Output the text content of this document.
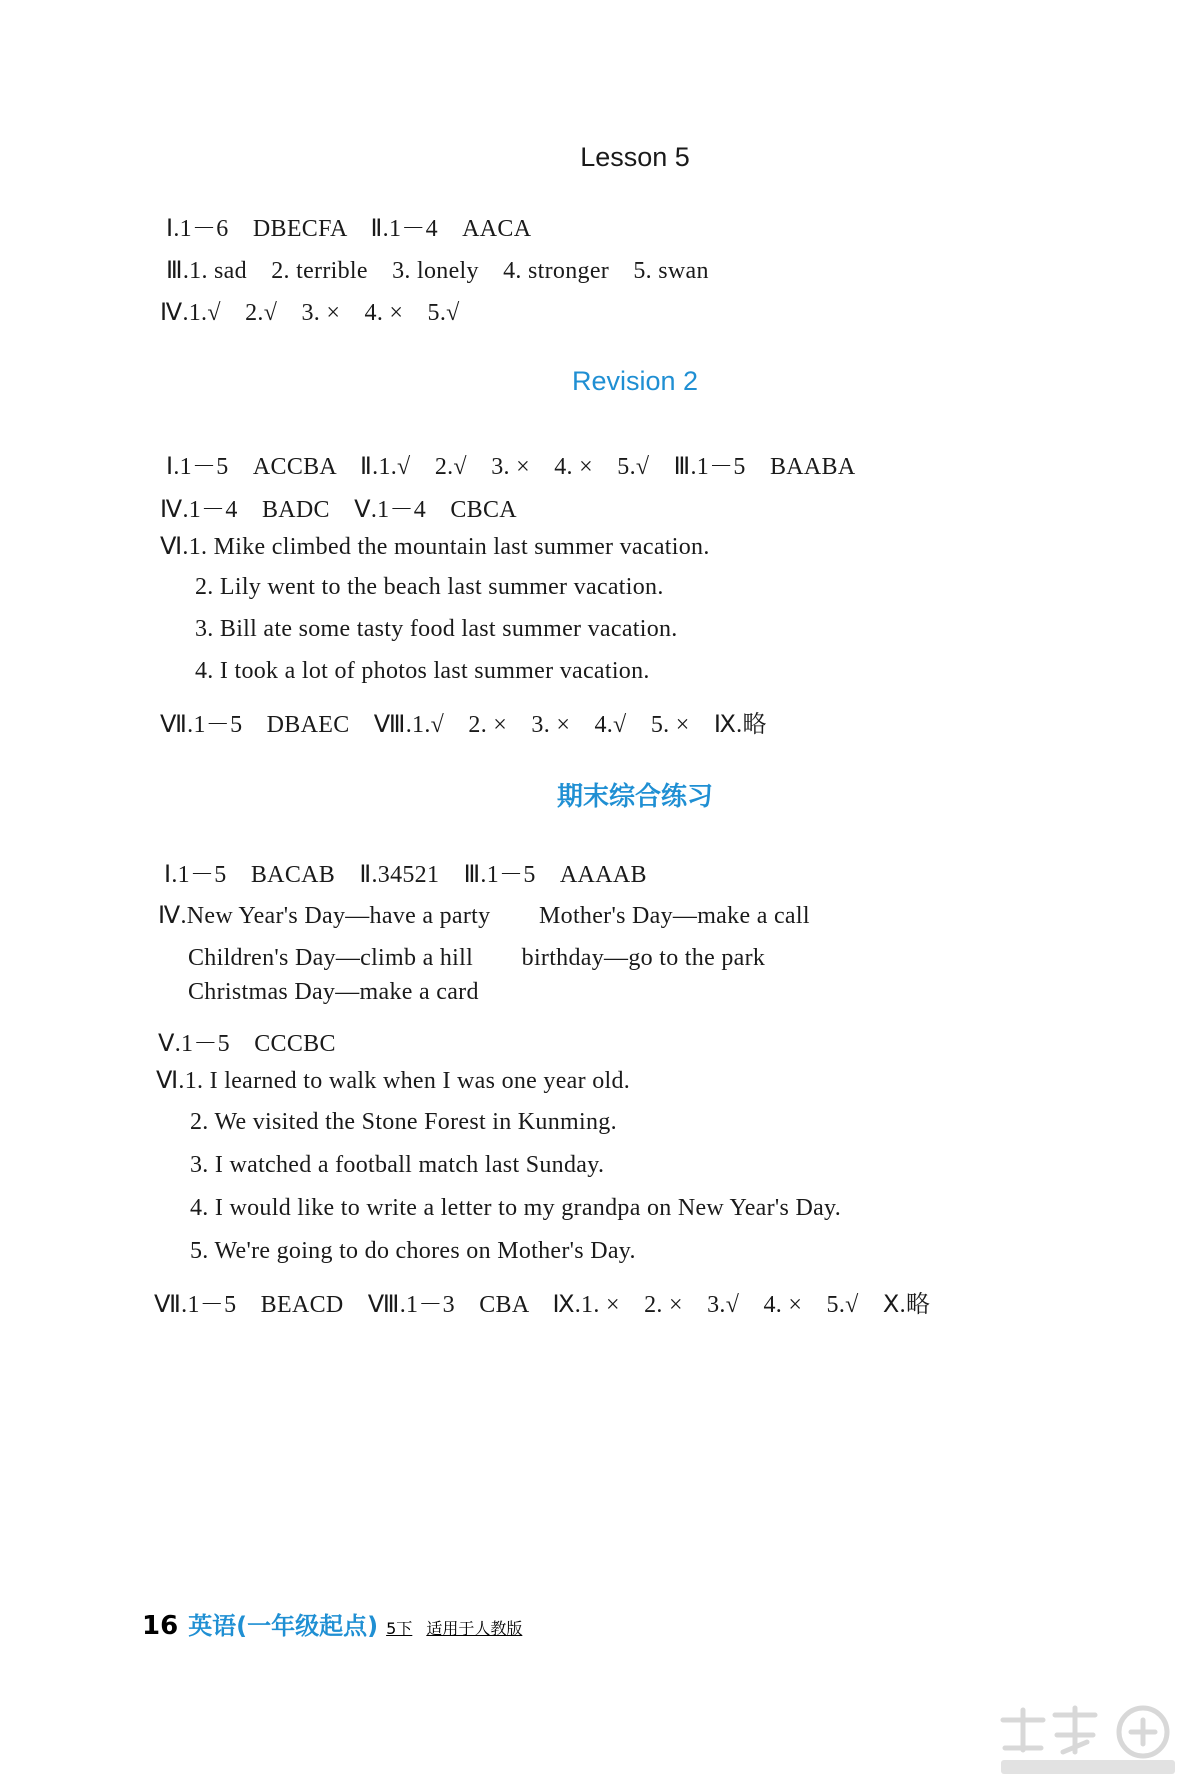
Lesson 5
Ⅰ.1－6　DBECFA　Ⅱ.1－4　AACA
Ⅲ.1. sad　2. terrible　3. lonely　4. stronger　5. swan
Ⅳ.1.√　2.√　3. ×　4. ×　5.√
Revision 2
Ⅰ.1－5　ACCBA　Ⅱ.1.√　2.√　3. ×　4. ×　5.√　Ⅲ.1－5　BAABA
Ⅳ.1－4　BADC　Ⅴ.1－4　CBCA
Ⅵ.1. Mike climbed the mountain last summer vacation.
2. Lily went to the beach last summer vacation.
3. Bill ate some tasty food last summer vacation.
4. I took a lot of photos last summer vacation.
Ⅶ.1－5　DBAEC　Ⅷ.1.√　2. ×　3. ×　4.√　5. ×　Ⅸ.略
期末综合练习
Ⅰ.1－5　BACAB　Ⅱ.34521　Ⅲ.1－5　AAAAB
Ⅳ.New Year's Day—have a party　　Mother's Day—make a call
Children's Day—climb a hill　　birthday—go to the park
Christmas Day—make a card
Ⅴ.1－5　CCCBC
Ⅵ.1. I learned to walk when I was one year old.
2. We visited the Stone Forest in Kunming.
3. I watched a football match last Sunday.
4. I would like to write a letter to my grandpa on New Year's Day.
5. We're going to do chores on Mother's Day.
Ⅶ.1－5　BEACD　Ⅷ.1－3　CBA　Ⅸ.1. ×　2. ×　3.√　4. ×　5.√　Ⅹ.略
16 英语(一年级起点) 5下 适用于人教版
